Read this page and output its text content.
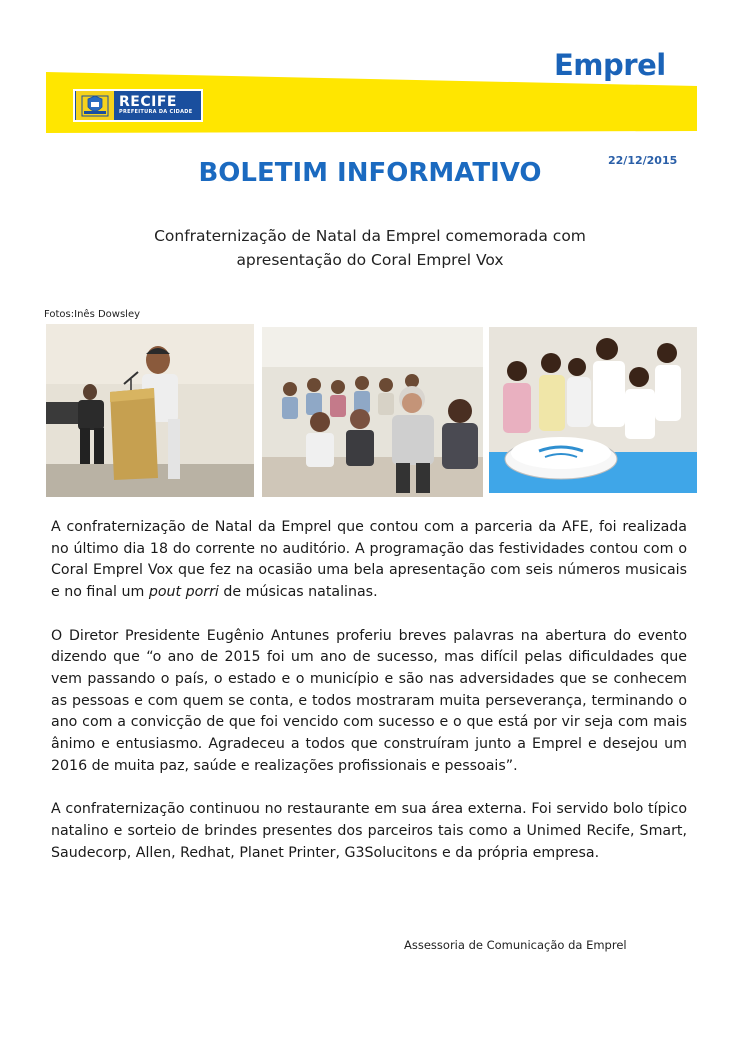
Emprel
RECIFE
PREFEITURA DA CIDADE
BOLETIM INFORMATIVO	22/12/2015
Confraternização de Natal da Emprel comemorada com
apresentação do Coral Emprel Vox
Fotos:Inês Dowsley

A confraternização de Natal da Emprel que contou com a parceria da AFE, foi realizada no último dia 18 do corrente no auditório. A programação das festividades contou com o Coral Emprel Vox que fez na ocasião uma bela apresentação com seis números musicais e no final um pout porri de músicas natalinas.

O Diretor Presidente Eugênio Antunes proferiu breves palavras na abertura do evento dizendo que “o ano de 2015 foi um ano de sucesso, mas difícil pelas dificuldades que vem passando o país, o estado e o município e são nas adversidades que se conhecem as pessoas e com quem se conta, e todos mostraram muita perseverança, terminando o ano com a convicção de que foi vencido com sucesso e o que está por vir seja com mais ânimo e entusiasmo. Agradeceu a todos que construíram junto a Emprel e desejou um 2016 de muita paz, saúde e realizações profissionais e pessoais”.

A confraternização continuou no restaurante em sua área externa. Foi servido bolo típico natalino e sorteio de brindes presentes dos parceiros tais como a Unimed Recife, Smart, Saudecorp, Allen, Redhat, Planet Printer, G3Solucitons e da própria empresa.

Assessoria de Comunicação da Emprel
